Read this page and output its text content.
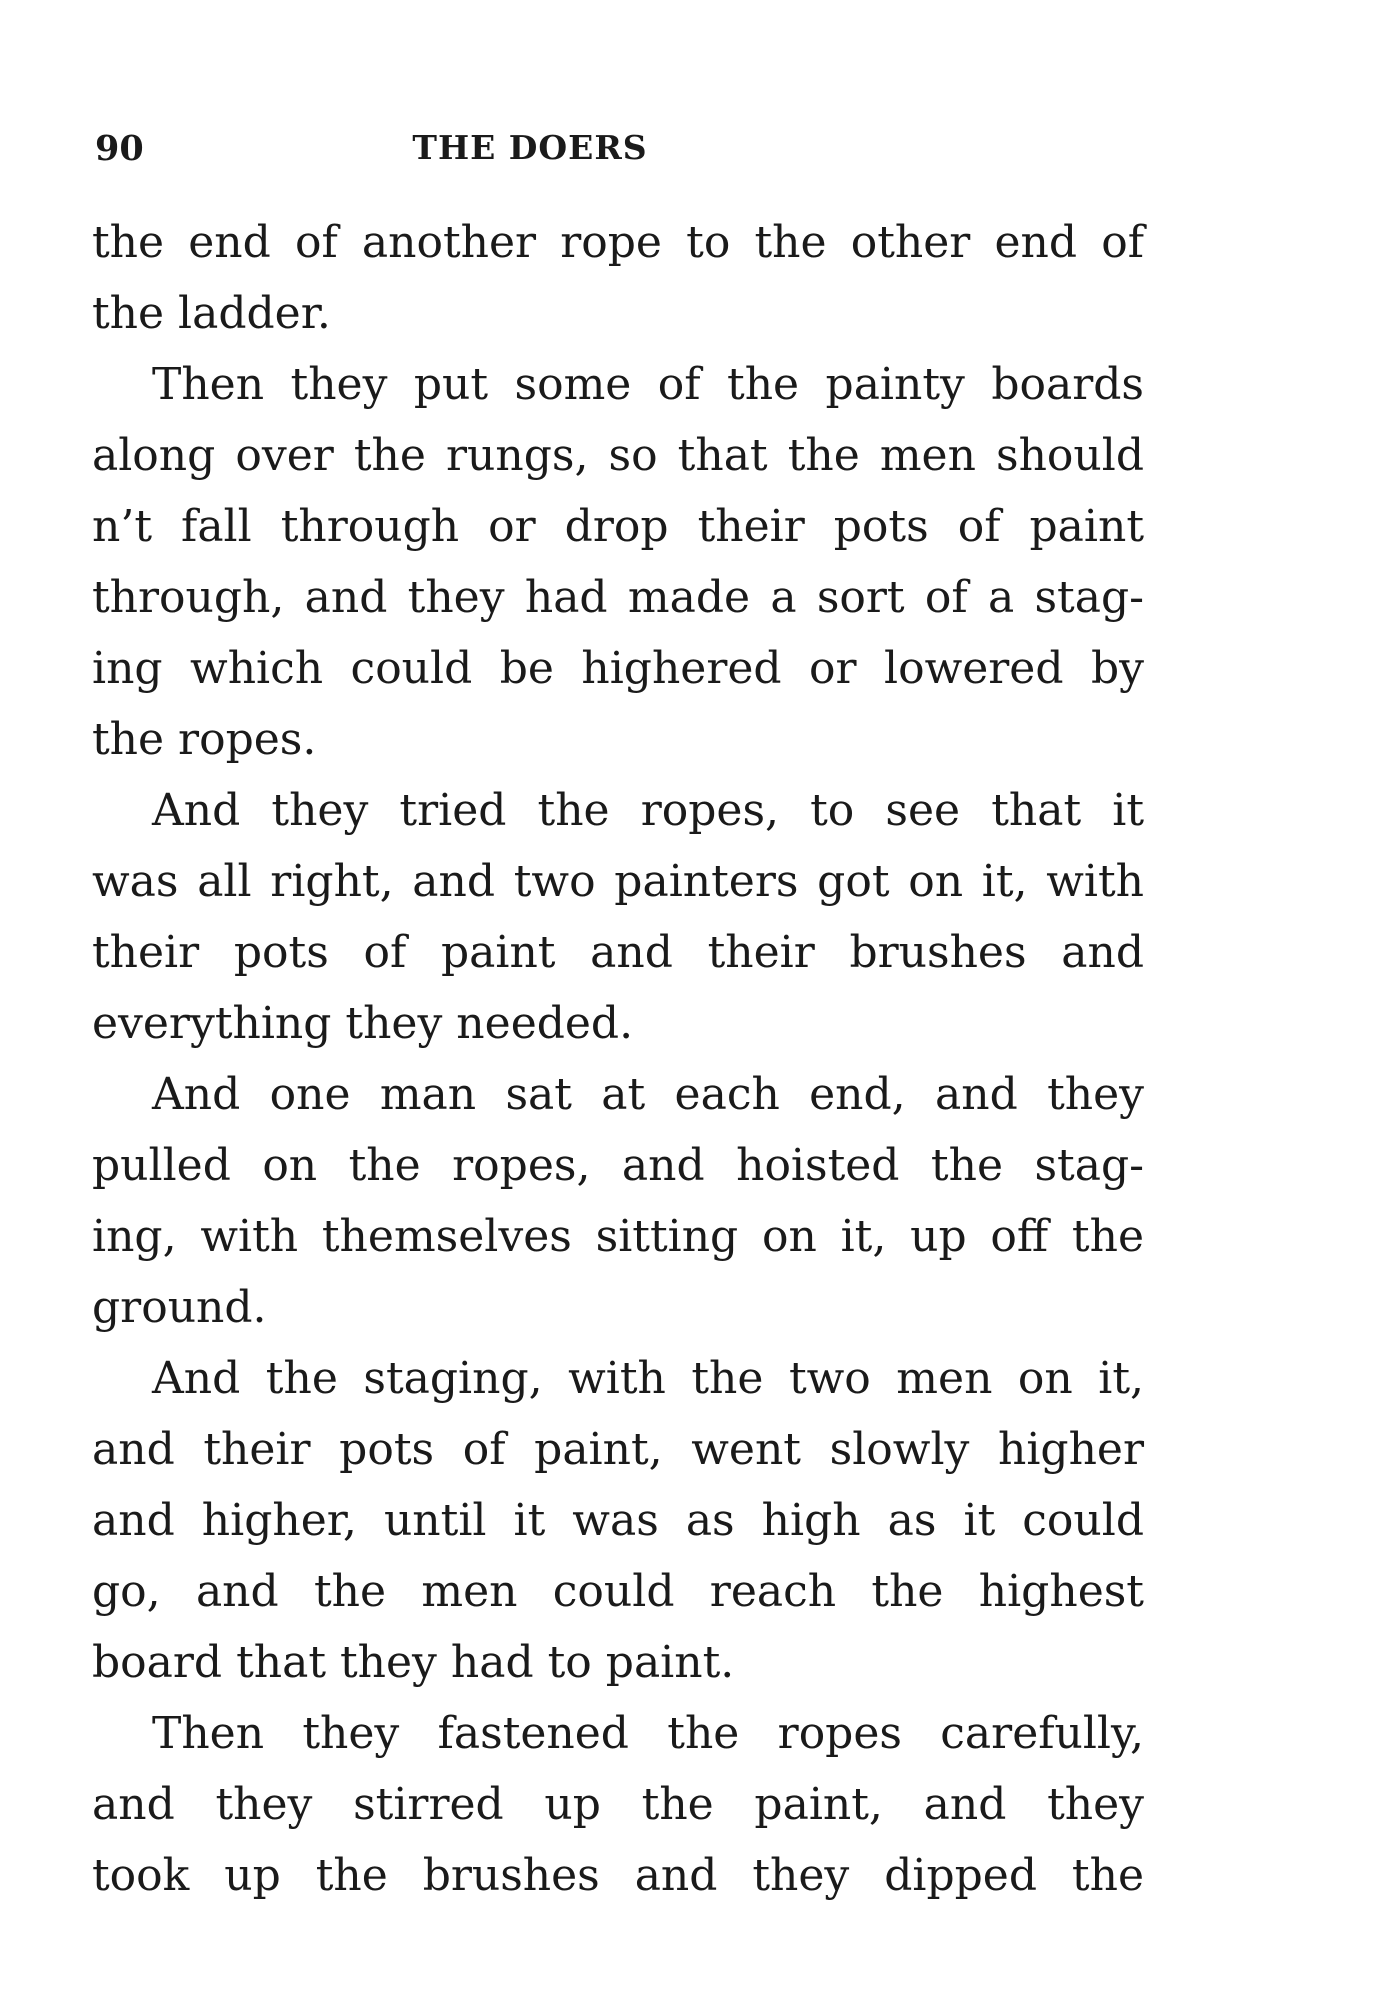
90	THE DOERS
the end of another rope to the other end of
the ladder.
Then they put some of the painty boards
along over the rungs, so that the men should
n’t fall through or drop their pots of paint
through, and they had made a sort of a stag-
ing which could be highered or lowered by
the ropes.
And they tried the ropes, to see that it
was all right, and two painters got on it, with
their pots of paint and their brushes and
everything they needed.
And one man sat at each end, and they
pulled on the ropes, and hoisted the stag-
ing, with themselves sitting on it, up off the
ground.
And the staging, with the two men on it,
and their pots of paint, went slowly higher
and higher, until it was as high as it could
go, and the men could reach the highest
board that they had to paint.
Then they fastened the ropes carefully,
and they stirred up the paint, and they
took up the brushes and they dipped the
